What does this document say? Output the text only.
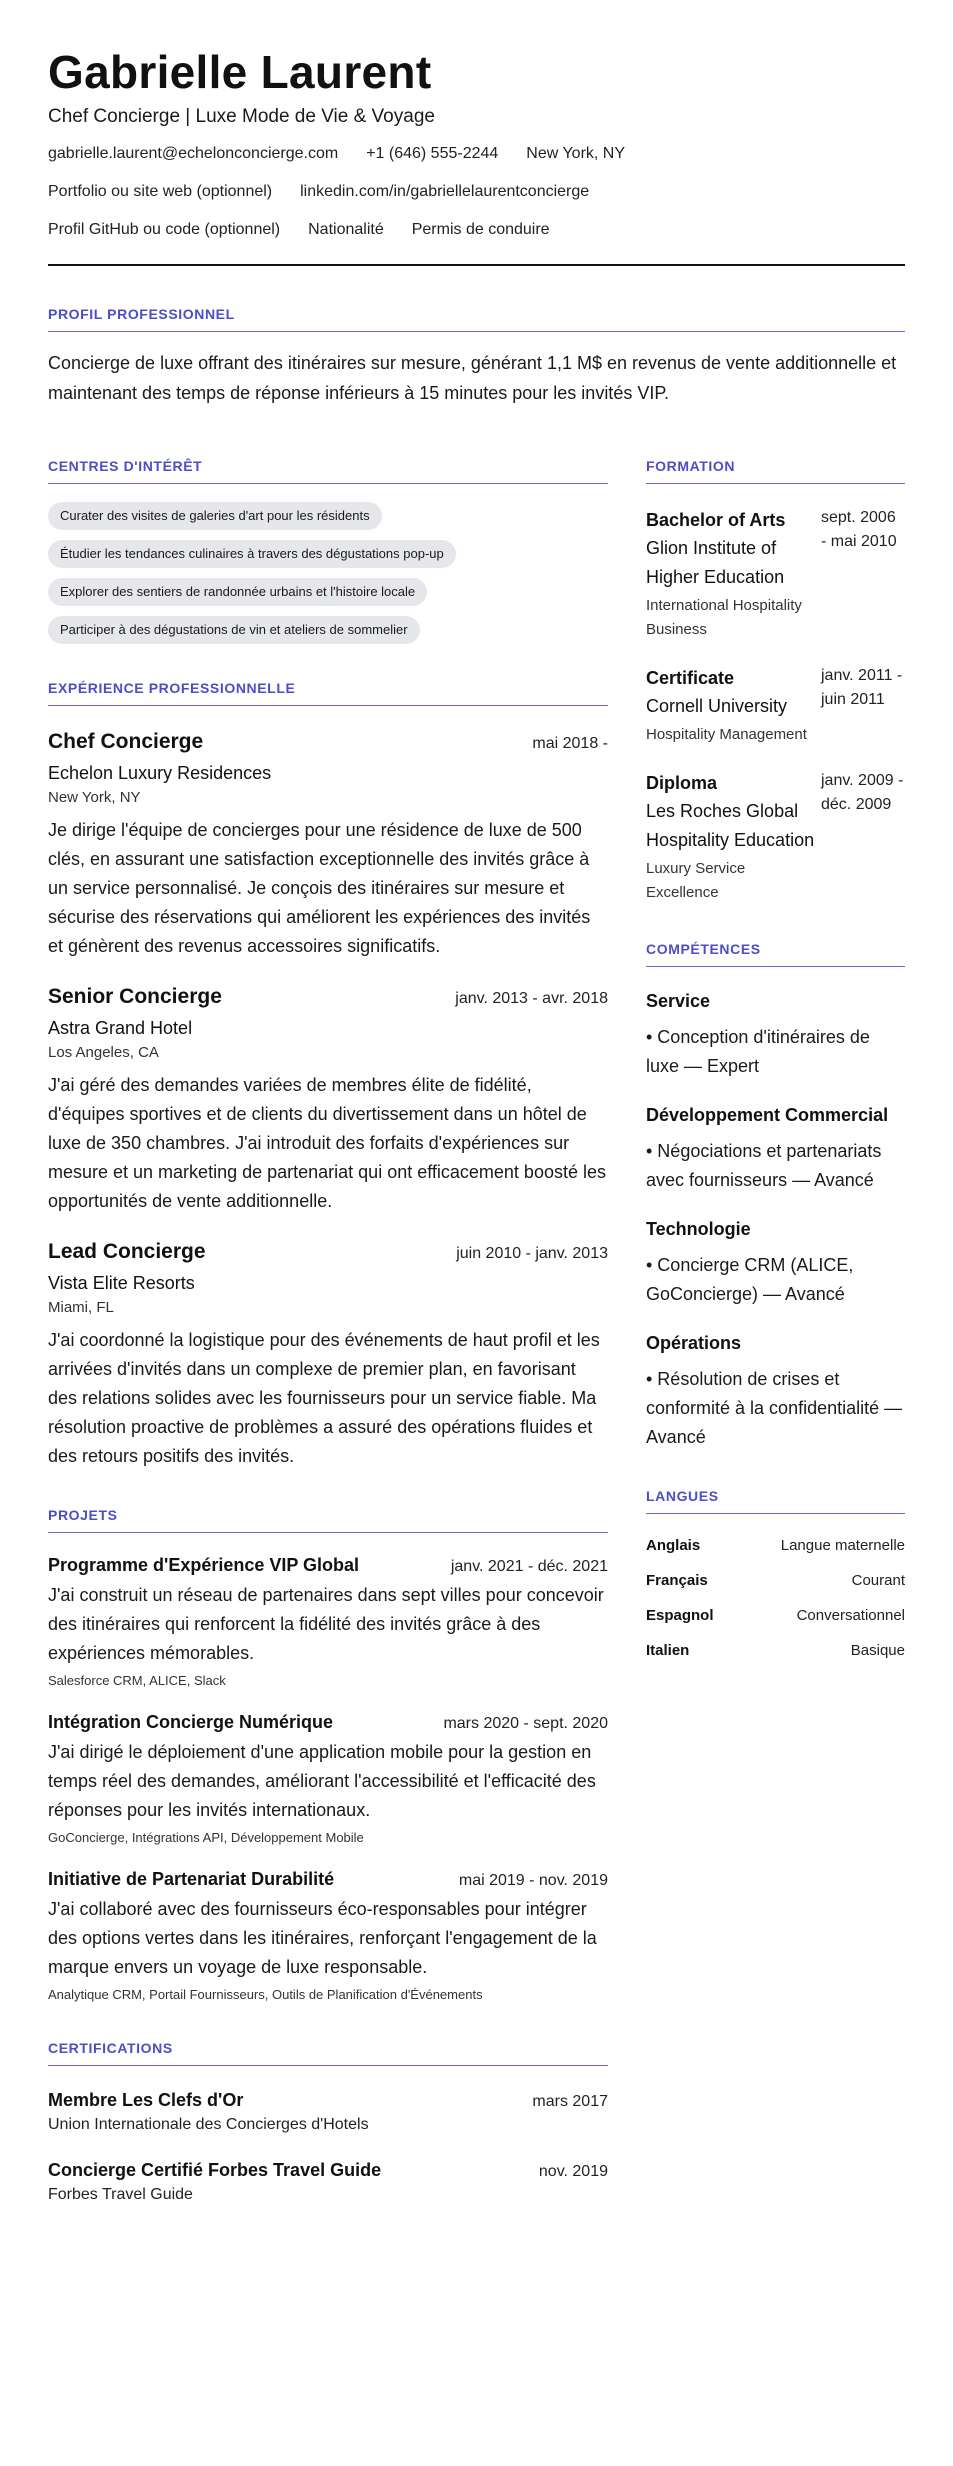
Gabrielle Laurent
Chef Concierge | Luxe Mode de Vie & Voyage
gabrielle.laurent@echelonconcierge.com +1 (646) 555-2244 New York, NY
Portfolio ou site web (optionnel) linkedin.com/in/gabriellelaurentconcierge
Profil GitHub ou code (optionnel) Nationalité Permis de conduire
PROFIL PROFESSIONNEL
Concierge de luxe offrant des itinéraires sur mesure, générant 1,1 M$ en revenus de vente additionnelle et maintenant des temps de réponse inférieurs à 15 minutes pour les invités VIP.
CENTRES D'INTÉRÊT
Curater des visites de galeries d'art pour les résidents
Étudier les tendances culinaires à travers des dégustations pop-up
Explorer des sentiers de randonnée urbains et l'histoire locale
Participer à des dégustations de vin et ateliers de sommelier
EXPÉRIENCE PROFESSIONNELLE
Chef Concierge	mai 2018 -
Echelon Luxury Residences
New York, NY
Je dirige l'équipe de concierges pour une résidence de luxe de 500 clés, en assurant une satisfaction exceptionnelle des invités grâce à un service personnalisé. Je conçois des itinéraires sur mesure et sécurise des réservations qui améliorent les expériences des invités et génèrent des revenus accessoires significatifs.
Senior Concierge	janv. 2013 - avr. 2018
Astra Grand Hotel
Los Angeles, CA
J'ai géré des demandes variées de membres élite de fidélité, d'équipes sportives et de clients du divertissement dans un hôtel de luxe de 350 chambres. J'ai introduit des forfaits d'expériences sur mesure et un marketing de partenariat qui ont efficacement boosté les opportunités de vente additionnelle.
Lead Concierge	juin 2010 - janv. 2013
Vista Elite Resorts
Miami, FL
J'ai coordonné la logistique pour des événements de haut profil et les arrivées d'invités dans un complexe de premier plan, en favorisant des relations solides avec les fournisseurs pour un service fiable. Ma résolution proactive de problèmes a assuré des opérations fluides et des retours positifs des invités.
PROJETS
Programme d'Expérience VIP Global	janv. 2021 - déc. 2021
J'ai construit un réseau de partenaires dans sept villes pour concevoir des itinéraires qui renforcent la fidélité des invités grâce à des expériences mémorables.
Salesforce CRM, ALICE, Slack
Intégration Concierge Numérique	mars 2020 - sept. 2020
J'ai dirigé le déploiement d'une application mobile pour la gestion en temps réel des demandes, améliorant l'accessibilité et l'efficacité des réponses pour les invités internationaux.
GoConcierge, Intégrations API, Développement Mobile
Initiative de Partenariat Durabilité	mai 2019 - nov. 2019
J'ai collaboré avec des fournisseurs éco-responsables pour intégrer des options vertes dans les itinéraires, renforçant l'engagement de la marque envers un voyage de luxe responsable.
Analytique CRM, Portail Fournisseurs, Outils de Planification d'Événements
CERTIFICATIONS
Membre Les Clefs d'Or	mars 2017
Union Internationale des Concierges d'Hotels
Concierge Certifié Forbes Travel Guide	nov. 2019
Forbes Travel Guide
FORMATION
Bachelor of Arts
Glion Institute of Higher Education
International Hospitality Business
sept. 2006 - mai 2010
Certificate
Cornell University
Hospitality Management
janv. 2011 - juin 2011
Diploma
Les Roches Global Hospitality Education
Luxury Service Excellence
janv. 2009 - déc. 2009
COMPÉTENCES
Service
• Conception d'itinéraires de luxe — Expert
Développement Commercial
• Négociations et partenariats avec fournisseurs — Avancé
Technologie
• Concierge CRM (ALICE, GoConcierge) — Avancé
Opérations
• Résolution de crises et conformité à la confidentialité — Avancé
LANGUES
Anglais	Langue maternelle
Français	Courant
Espagnol	Conversationnel
Italien	Basique
